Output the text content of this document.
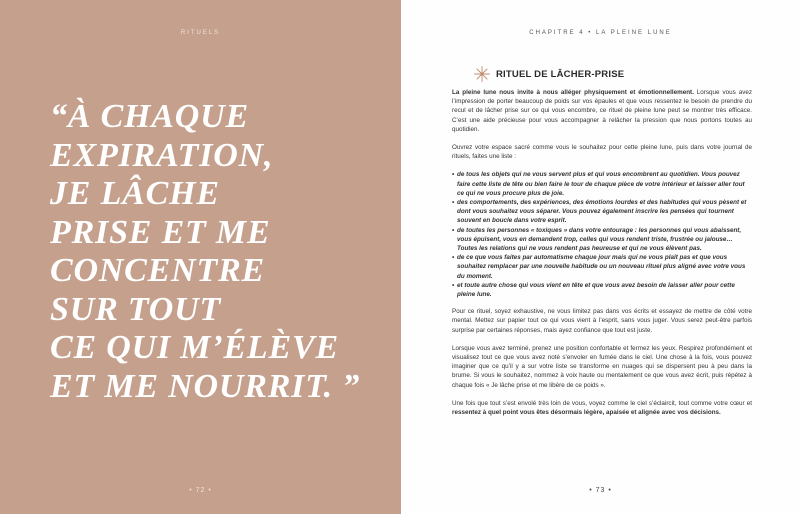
RITUELS
“À CHAQUE
EXPIRATION,
JE LÂCHE
PRISE ET ME
CONCENTRE
SUR TOUT
CE QUI M’ÉLÈVE
ET ME NOURRIT. ”
• 72 •
CHAPITRE 4 • LA PLEINE LUNE
RITUEL DE LÂCHER-PRISE

La pleine lune nous invite à nous alléger physiquement et émotionnellement. Lorsque vous avez l’impression de porter beaucoup de poids sur vos épaules et que vous ressentez le besoin de prendre du recul et de lâcher prise sur ce qui vous encombre, ce rituel de pleine lune peut se montrer très efficace. C’est une aide précieuse pour vous accompagner à relâcher la pression que nous portons toutes au quotidien.

Ouvrez votre espace sacré comme vous le souhaitez pour cette pleine lune, puis dans votre journal de rituels, faites une liste :

• de tous les objets qui ne vous servent plus et qui vous encombrent au quotidien. Vous pouvez faire cette liste de tête ou bien faire le tour de chaque pièce de votre intérieur et laisser aller tout ce qui ne vous procure plus de joie.
• des comportements, des expériences, des émotions lourdes et des habitudes qui vous pèsent et dont vous souhaitez vous séparer. Vous pouvez également inscrire les pensées qui tournent souvent en boucle dans votre esprit.
• de toutes les personnes « toxiques » dans votre entourage : les personnes qui vous abaissent, vous épuisent, vous en demandent trop, celles qui vous rendent triste, frustrée ou jalouse… Toutes les relations qui ne vous rendent pas heureuse et qui ne vous élèvent pas.
• de ce que vous faites par automatisme chaque jour mais qui ne vous plaît pas et que vous souhaitez remplacer par une nouvelle habitude ou un nouveau rituel plus aligné avec votre vous du moment.
• et toute autre chose qui vous vient en tête et que vous avez besoin de laisser aller pour cette pleine lune.

Pour ce rituel, soyez exhaustive, ne vous limitez pas dans vos écrits et essayez de mettre de côté votre mental. Mettez sur papier tout ce qui vous vient à l’esprit, sans vous juger. Vous serez peut-être parfois surprise par certaines réponses, mais ayez confiance que tout est juste.

Lorsque vous avez terminé, prenez une position confortable et fermez les yeux. Respirez profondément et visualisez tout ce que vous avez noté s’envoler en fumée dans le ciel. Une chose à la fois, vous pouvez imaginer que ce qu’il y a sur votre liste se transforme en nuages qui se dispersent peu à peu dans la brume. Si vous le souhaitez, nommez à voix haute ou mentalement ce que vous avez écrit, puis répétez à chaque fois « Je lâche prise et me libère de ce poids ».

Une fois que tout s’est envolé très loin de vous, voyez comme le ciel s’éclaircit, tout comme votre cœur et ressentez à quel point vous êtes désormais légère, apaisée et alignée avec vos décisions.

• 73 •
